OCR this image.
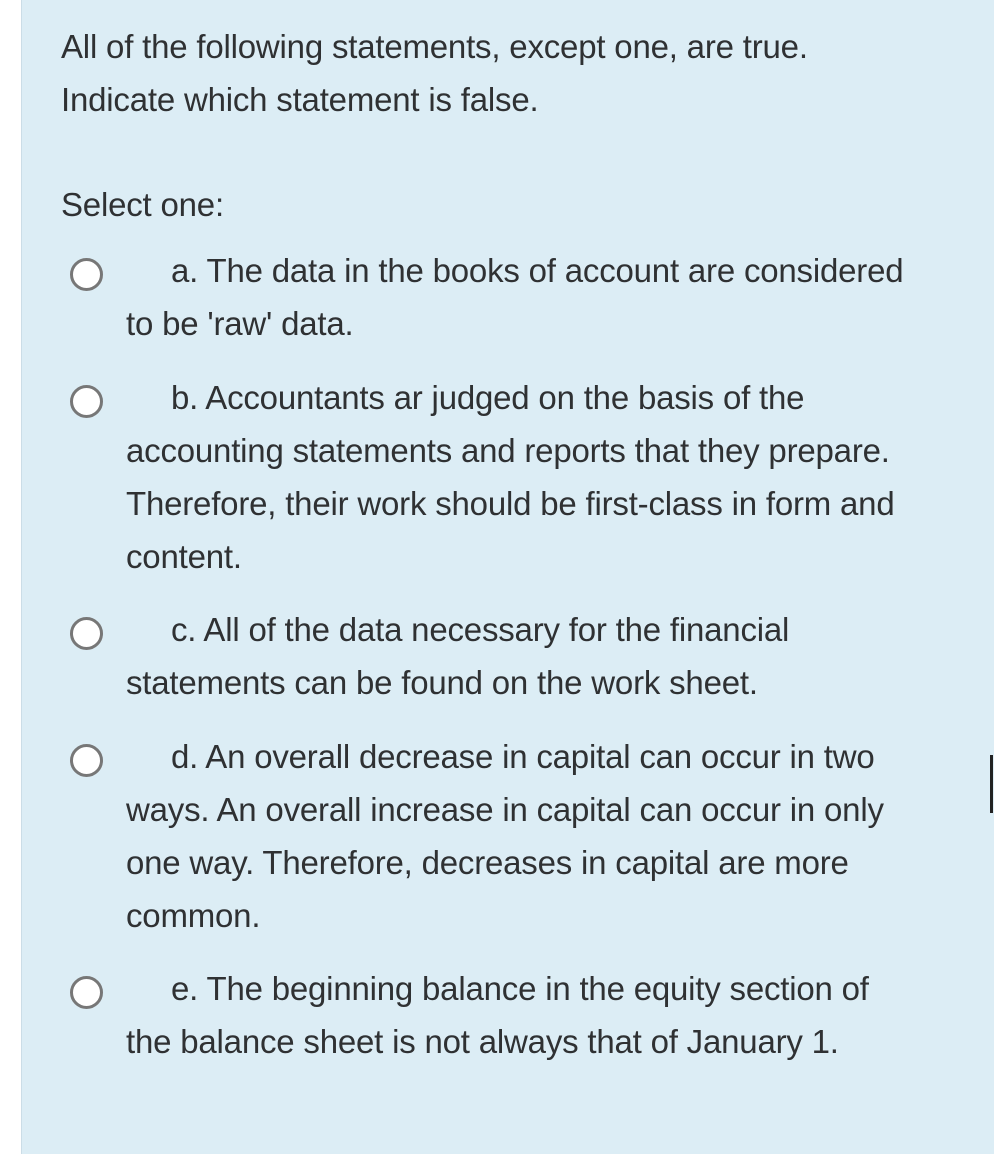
All of the following statements, except one, are true. Indicate which statement is false.
Select one:
a. The data in the books of account are considered to be 'raw' data.
b. Accountants ar judged on the basis of the accounting statements and reports that they prepare. Therefore, their work should be first-class in form and content.
c. All of the data necessary for the financial statements can be found on the work sheet.
d. An overall decrease in capital can occur in two ways. An overall increase in capital can occur in only one way. Therefore, decreases in capital are more common.
e. The beginning balance in the equity section of the balance sheet is not always that of January 1.
